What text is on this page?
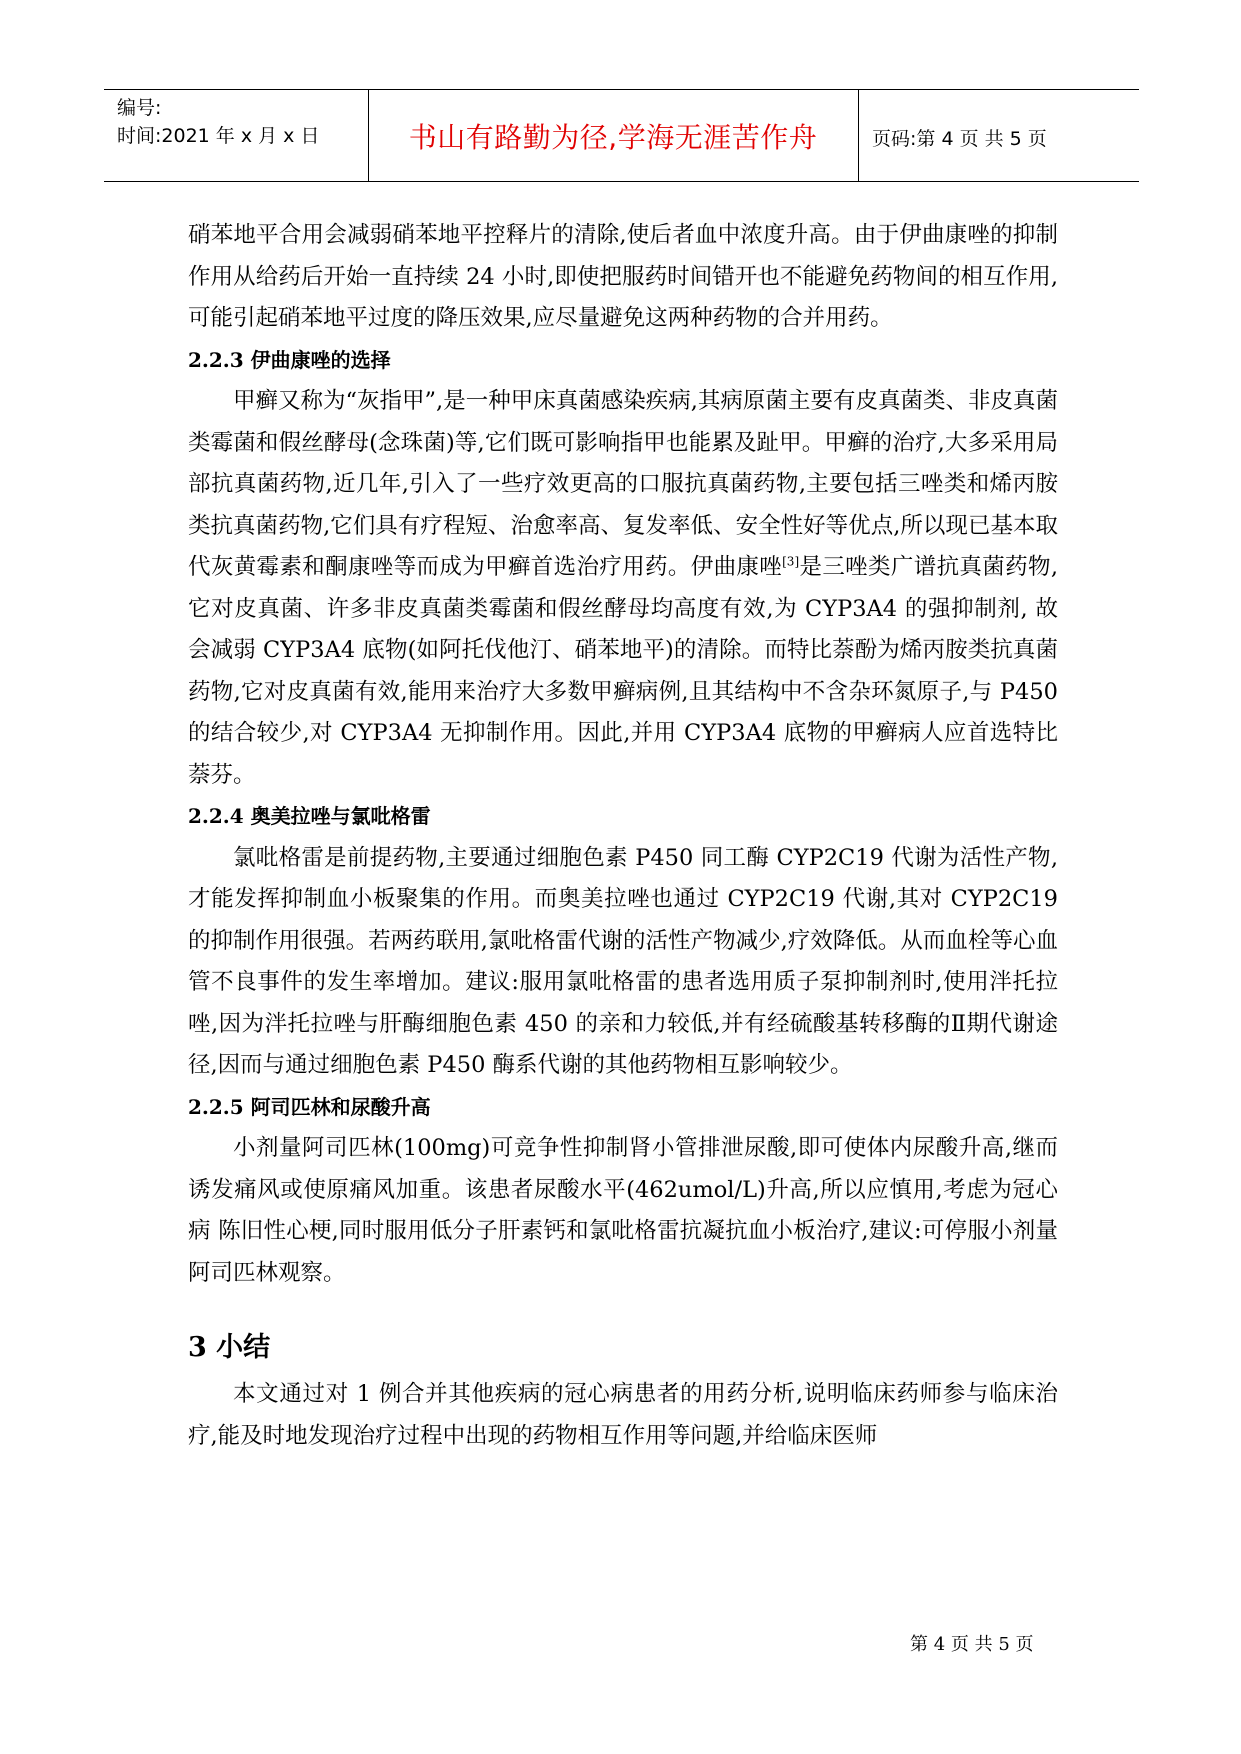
编号:
时间:2021 年 x 月 x 日	书山有路勤为径,学海无涯苦作舟	页码:第 4 页 共 5 页

硝苯地平合用会减弱硝苯地平控释片的清除,使后者血中浓度升高。由于伊曲康唑的抑制作用从给药后开始一直持续 24 小时,即使把服药时间错开也不能避免药物间的相互作用,可能引起硝苯地平过度的降压效果,应尽量避免这两种药物的合并用药。

2.2.3 伊曲康唑的选择

甲癣又称为“灰指甲”,是一种甲床真菌感染疾病,其病原菌主要有皮真菌类、非皮真菌类霉菌和假丝酵母(念珠菌)等,它们既可影响指甲也能累及趾甲。甲癣的治疗,大多采用局部抗真菌药物,近几年,引入了一些疗效更高的口服抗真菌药物,主要包括三唑类和烯丙胺类抗真菌药物,它们具有疗程短、治愈率高、复发率低、安全性好等优点,所以现已基本取代灰黄霉素和酮康唑等而成为甲癣首选治疗用药。伊曲康唑[3]是三唑类广谱抗真菌药物,它对皮真菌、许多非皮真菌类霉菌和假丝酵母均高度有效,为 CYP3A4 的强抑制剂, 故会减弱 CYP3A4 底物(如阿托伐他汀、硝苯地平)的清除。而特比萘酚为烯丙胺类抗真菌药物,它对皮真菌有效,能用来治疗大多数甲癣病例,且其结构中不含杂环氮原子,与 P450 的结合较少,对 CYP3A4 无抑制作用。因此,并用 CYP3A4 底物的甲癣病人应首选特比萘芬。

2.2.4 奥美拉唑与氯吡格雷

氯吡格雷是前提药物,主要通过细胞色素 P450 同工酶 CYP2C19 代谢为活性产物,才能发挥抑制血小板聚集的作用。而奥美拉唑也通过 CYP2C19 代谢,其对 CYP2C19 的抑制作用很强。若两药联用,氯吡格雷代谢的活性产物减少,疗效降低。从而血栓等心血管不良事件的发生率增加。建议:服用氯吡格雷的患者选用质子泵抑制剂时,使用泮托拉唑,因为泮托拉唑与肝酶细胞色素 450 的亲和力较低,并有经硫酸基转移酶的Ⅱ期代谢途径,因而与通过细胞色素 P450 酶系代谢的其他药物相互影响较少。

2.2.5 阿司匹林和尿酸升高

小剂量阿司匹林(100mg)可竞争性抑制肾小管排泄尿酸,即可使体内尿酸升高,继而诱发痛风或使原痛风加重。该患者尿酸水平(462umol/L)升高,所以应慎用,考虑为冠心病 陈旧性心梗,同时服用低分子肝素钙和氯吡格雷抗凝抗血小板治疗,建议:可停服小剂量阿司匹林观察。

3 小结

本文通过对 1 例合并其他疾病的冠心病患者的用药分析,说明临床药师参与临床治疗,能及时地发现治疗过程中出现的药物相互作用等问题,并给临床医师

第 4 页 共 5 页
